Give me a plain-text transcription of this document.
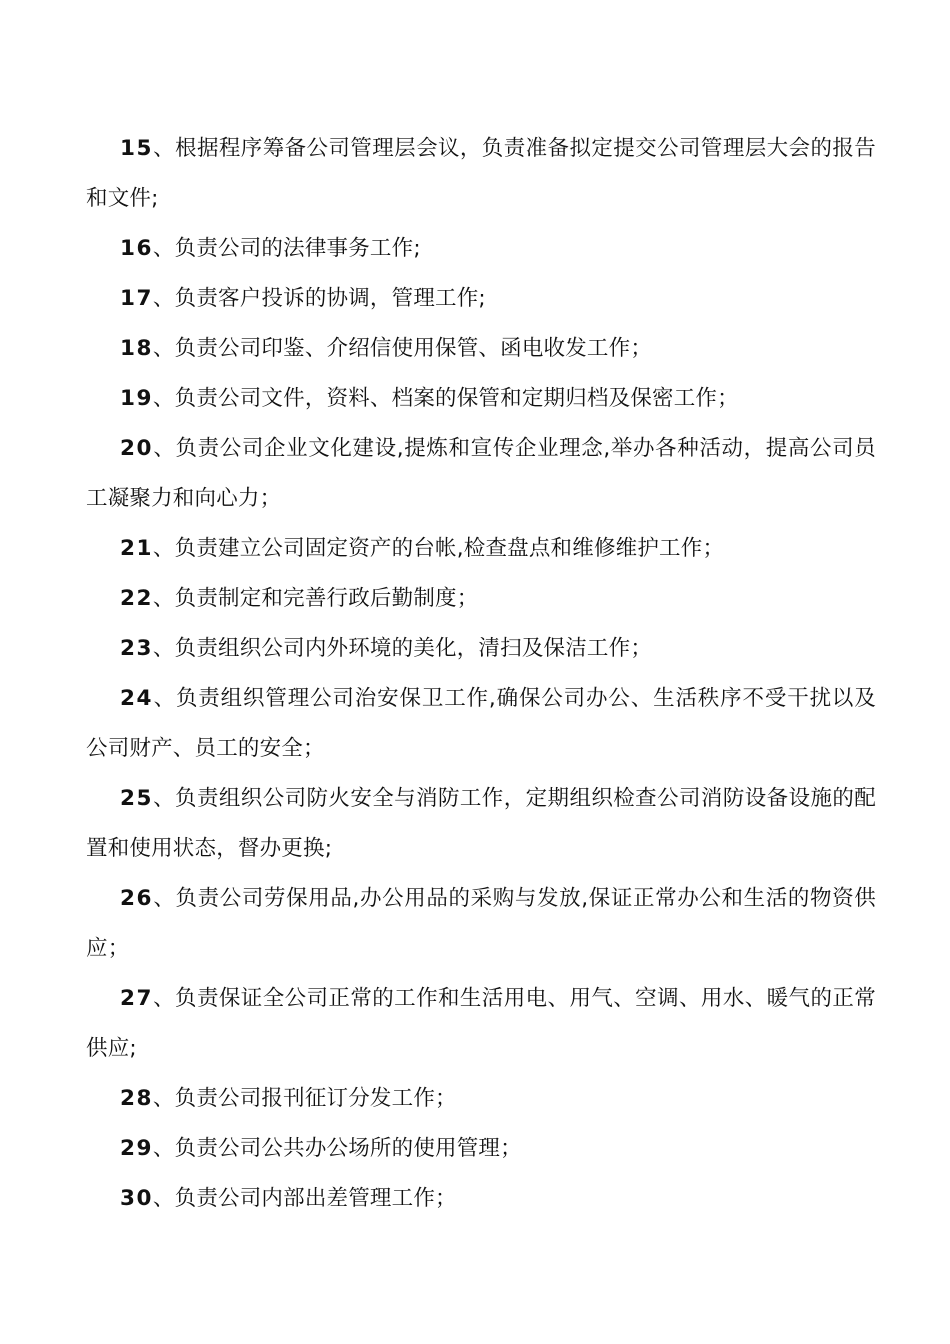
15、根据程序筹备公司管理层会议，负责准备拟定提交公司管理层大会的报告和文件;

16、负责公司的法律事务工作;

17、负责客户投诉的协调，管理工作;

18、负责公司印鉴、介绍信使用保管、函电收发工作；

19、负责公司文件，资料、档案的保管和定期归档及保密工作；

20、负责公司企业文化建设,提炼和宣传企业理念,举办各种活动，提高公司员工凝聚力和向心力；

21、负责建立公司固定资产的台帐,检查盘点和维修维护工作；

22、负责制定和完善行政后勤制度；

23、负责组织公司内外环境的美化，清扫及保洁工作；

24、负责组织管理公司治安保卫工作,确保公司办公、生活秩序不受干扰以及公司财产、员工的安全；

25、负责组织公司防火安全与消防工作，定期组织检查公司消防设备设施的配置和使用状态，督办更换;

26、负责公司劳保用品,办公用品的采购与发放,保证正常办公和生活的物资供应；

27、负责保证全公司正常的工作和生活用电、用气、空调、用水、暖气的正常供应;

28、负责公司报刊征订分发工作；

29、负责公司公共办公场所的使用管理；

30、负责公司内部出差管理工作；
